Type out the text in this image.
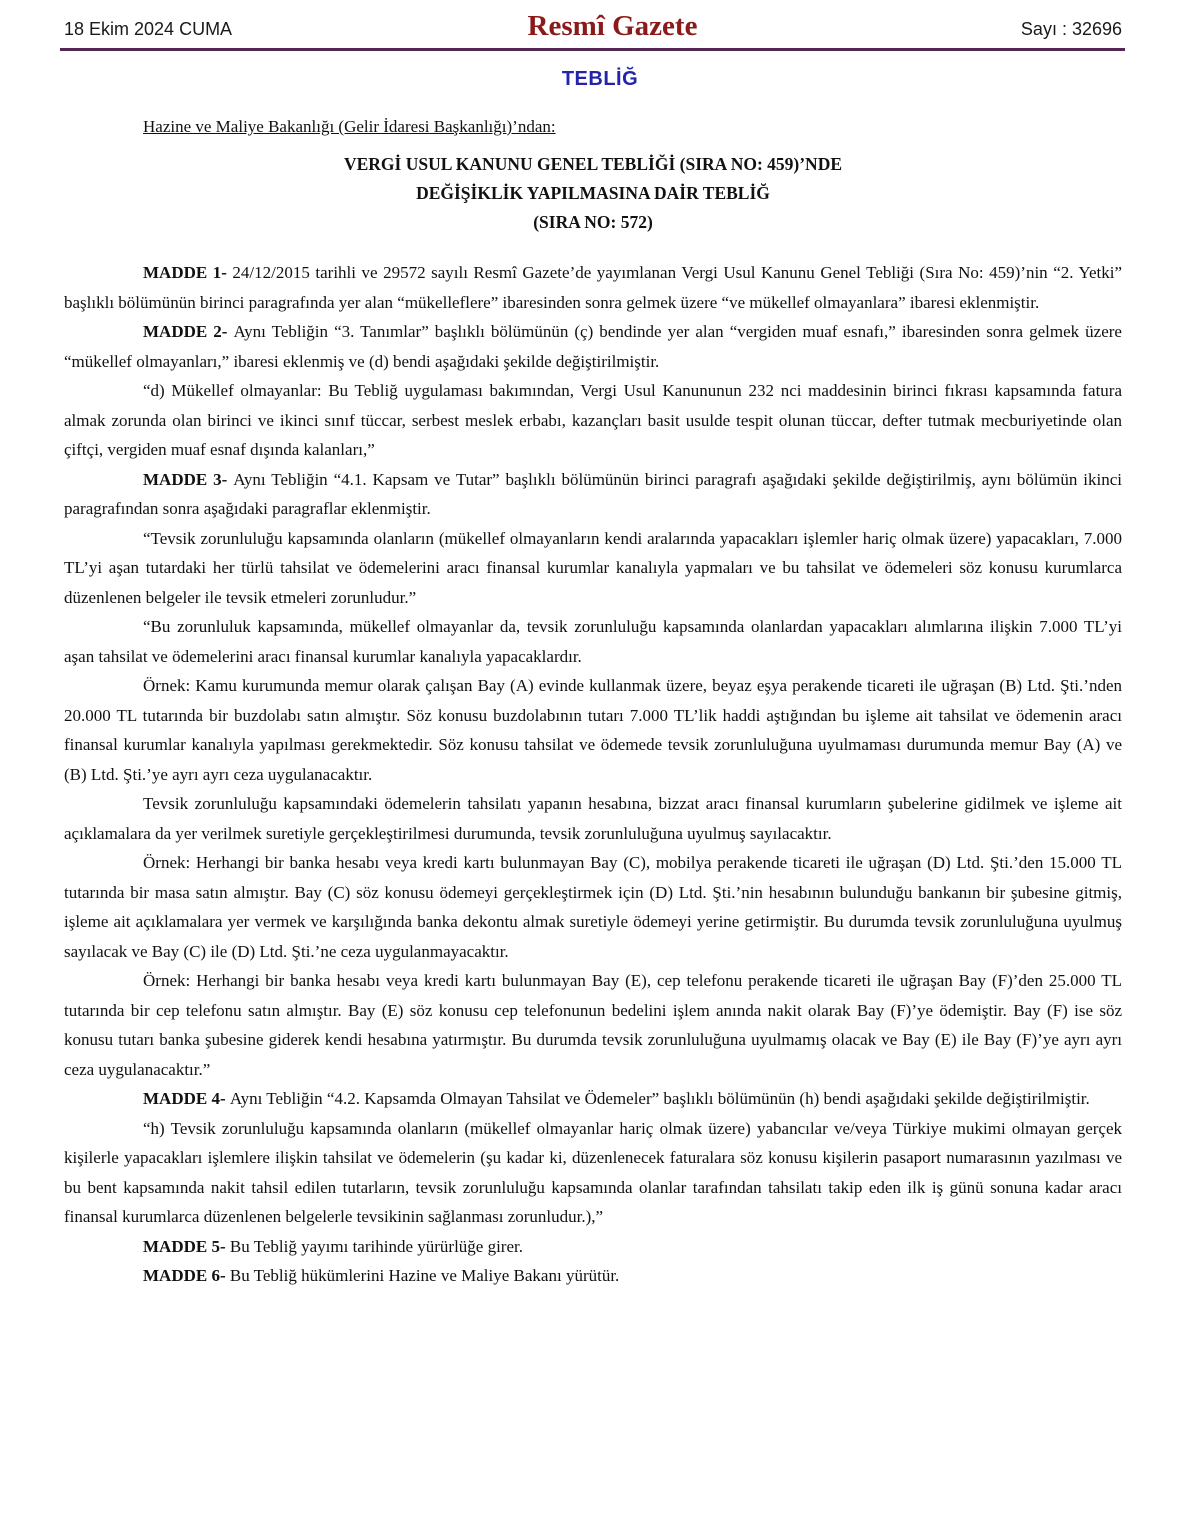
18 Ekim 2024 CUMA	Resmî Gazete	Sayı : 32696
TEBLİĞ
Hazine ve Maliye Bakanlığı (Gelir İdaresi Başkanlığı)’ndan:
VERGİ USUL KANUNU GENEL TEBLİĞİ (SIRA NO: 459)’NDE
DEĞİŞİKLİK YAPILMASINA DAİR TEBLİĞ
(SIRA NO: 572)

MADDE 1- 24/12/2015 tarihli ve 29572 sayılı Resmî Gazete’de yayımlanan Vergi Usul Kanunu Genel Tebliği (Sıra No: 459)’nin “2. Yetki” başlıklı bölümünün birinci paragrafında yer alan “mükelleflere” ibaresinden sonra gelmek üzere “ve mükellef olmayanlara” ibaresi eklenmiştir.

MADDE 2- Aynı Tebliğin “3. Tanımlar” başlıklı bölümünün (ç) bendinde yer alan “vergiden muaf esnafı,” ibaresinden sonra gelmek üzere “mükellef olmayanları,” ibaresi eklenmiş ve (d) bendi aşağıdaki şekilde değiştirilmiştir.

“d) Mükellef olmayanlar: Bu Tebliğ uygulaması bakımından, Vergi Usul Kanununun 232 nci maddesinin birinci fıkrası kapsamında fatura almak zorunda olan birinci ve ikinci sınıf tüccar, serbest meslek erbabı, kazançları basit usulde tespit olunan tüccar, defter tutmak mecburiyetinde olan çiftçi, vergiden muaf esnaf dışında kalanları,”

MADDE 3- Aynı Tebliğin “4.1. Kapsam ve Tutar” başlıklı bölümünün birinci paragrafı aşağıdaki şekilde değiştirilmiş, aynı bölümün ikinci paragrafından sonra aşağıdaki paragraflar eklenmiştir.

“Tevsik zorunluluğu kapsamında olanların (mükellef olmayanların kendi aralarında yapacakları işlemler hariç olmak üzere) yapacakları, 7.000 TL’yi aşan tutardaki her türlü tahsilat ve ödemelerini aracı finansal kurumlar kanalıyla yapmaları ve bu tahsilat ve ödemeleri söz konusu kurumlarca düzenlenen belgeler ile tevsik etmeleri zorunludur.”

“Bu zorunluluk kapsamında, mükellef olmayanlar da, tevsik zorunluluğu kapsamında olanlardan yapacakları alımlarına ilişkin 7.000 TL’yi aşan tahsilat ve ödemelerini aracı finansal kurumlar kanalıyla yapacaklardır.

Örnek: Kamu kurumunda memur olarak çalışan Bay (A) evinde kullanmak üzere, beyaz eşya perakende ticareti ile uğraşan (B) Ltd. Şti.’nden 20.000 TL tutarında bir buzdolabı satın almıştır. Söz konusu buzdolabının tutarı 7.000 TL’lik haddi aştığından bu işleme ait tahsilat ve ödemenin aracı finansal kurumlar kanalıyla yapılması gerekmektedir. Söz konusu tahsilat ve ödemede tevsik zorunluluğuna uyulmaması durumunda memur Bay (A) ve (B) Ltd. Şti.’ye ayrı ayrı ceza uygulanacaktır.

Tevsik zorunluluğu kapsamındaki ödemelerin tahsilatı yapanın hesabına, bizzat aracı finansal kurumların şubelerine gidilmek ve işleme ait açıklamalara da yer verilmek suretiyle gerçekleştirilmesi durumunda, tevsik zorunluluğuna uyulmuş sayılacaktır.

Örnek: Herhangi bir banka hesabı veya kredi kartı bulunmayan Bay (C), mobilya perakende ticareti ile uğraşan (D) Ltd. Şti.’den 15.000 TL tutarında bir masa satın almıştır. Bay (C) söz konusu ödemeyi gerçekleştirmek için (D) Ltd. Şti.’nin hesabının bulunduğu bankanın bir şubesine gitmiş, işleme ait açıklamalara yer vermek ve karşılığında banka dekontu almak suretiyle ödemeyi yerine getirmiştir. Bu durumda tevsik zorunluluğuna uyulmuş sayılacak ve Bay (C) ile (D) Ltd. Şti.’ne ceza uygulanmayacaktır.

Örnek: Herhangi bir banka hesabı veya kredi kartı bulunmayan Bay (E), cep telefonu perakende ticareti ile uğraşan Bay (F)’den 25.000 TL tutarında bir cep telefonu satın almıştır. Bay (E) söz konusu cep telefonunun bedelini işlem anında nakit olarak Bay (F)’ye ödemiştir. Bay (F) ise söz konusu tutarı banka şubesine giderek kendi hesabına yatırmıştır. Bu durumda tevsik zorunluluğuna uyulmamış olacak ve Bay (E) ile Bay (F)’ye ayrı ayrı ceza uygulanacaktır.”

MADDE 4- Aynı Tebliğin “4.2. Kapsamda Olmayan Tahsilat ve Ödemeler” başlıklı bölümünün (h) bendi aşağıdaki şekilde değiştirilmiştir.

“h) Tevsik zorunluluğu kapsamında olanların (mükellef olmayanlar hariç olmak üzere) yabancılar ve/veya Türkiye mukimi olmayan gerçek kişilerle yapacakları işlemlere ilişkin tahsilat ve ödemelerin (şu kadar ki, düzenlenecek faturalara söz konusu kişilerin pasaport numarasının yazılması ve bu bent kapsamında nakit tahsil edilen tutarların, tevsik zorunluluğu kapsamında olanlar tarafından tahsilatı takip eden ilk iş günü sonuna kadar aracı finansal kurumlarca düzenlenen belgelerle tevsikinin sağlanması zorunludur.),”

MADDE 5- Bu Tebliğ yayımı tarihinde yürürlüğe girer.

MADDE 6- Bu Tebliğ hükümlerini Hazine ve Maliye Bakanı yürütür.
